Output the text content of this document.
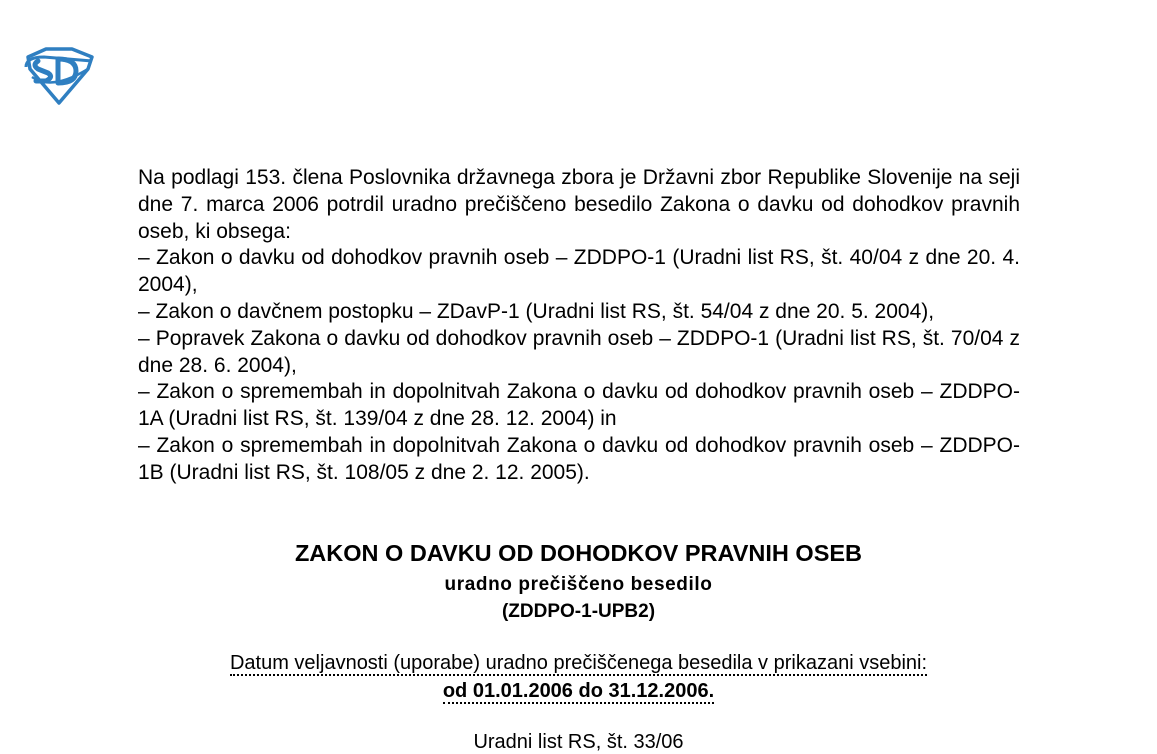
Na podlagi 153. člena Poslovnika državnega zbora je Državni zbor Republike Slovenije na seji dne 7. marca 2006 potrdil uradno prečiščeno besedilo Zakona o davku od dohodkov pravnih oseb, ki obsega:

– Zakon o davku od dohodkov pravnih oseb – ZDDPO-1 (Uradni list RS, št. 40/04 z dne 20. 4. 2004),

– Zakon o davčnem postopku – ZDavP-1 (Uradni list RS, št. 54/04 z dne 20. 5. 2004),

– Popravek Zakona o davku od dohodkov pravnih oseb – ZDDPO-1 (Uradni list RS, št. 70/04 z dne 28. 6. 2004),

– Zakon o spremembah in dopolnitvah Zakona o davku od dohodkov pravnih oseb – ZDDPO-1A (Uradni list RS, št. 139/04 z dne 28. 12. 2004) in

– Zakon o spremembah in dopolnitvah Zakona o davku od dohodkov pravnih oseb – ZDDPO-1B (Uradni list RS, št. 108/05 z dne 2. 12. 2005).

ZAKON O DAVKU OD DOHODKOV PRAVNIH OSEB
uradno prečiščeno besedilo
(ZDDPO-1-UPB2)
Datum veljavnosti (uporabe) uradno prečiščenega besedila v prikazani vsebini:
od 01.01.2006 do 31.12.2006.
Uradni list RS, št. 33/06
